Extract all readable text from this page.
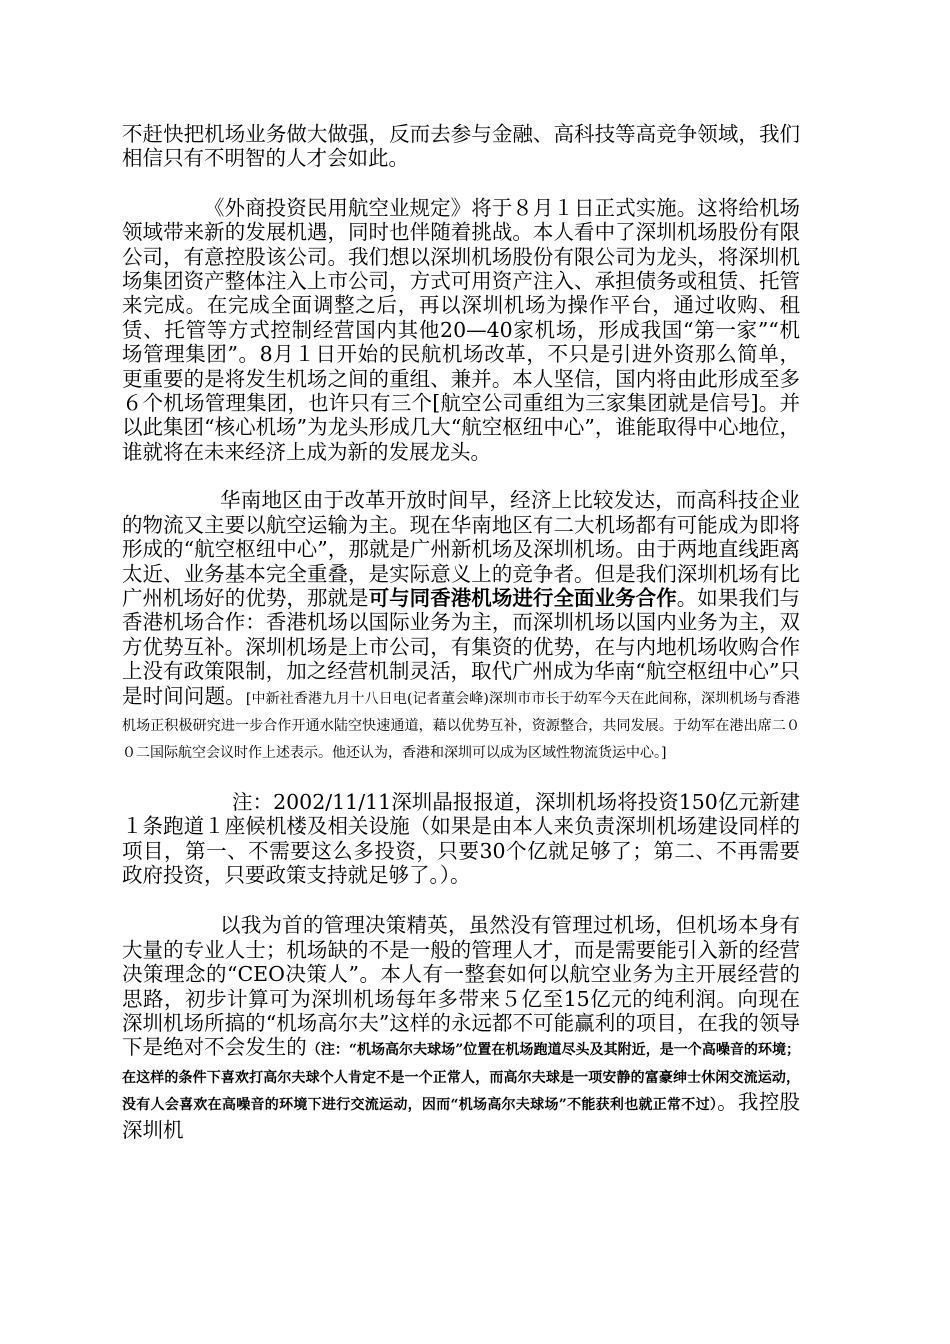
不赶快把机场业务做大做强，反而去参与金融、高科技等高竞争领域，我们相信只有不明智的人才会如此。

《外商投资民用航空业规定》将于８月１日正式实施。这将给机场领域带来新的发展机遇，同时也伴随着挑战。本人看中了深圳机场股份有限公司，有意控股该公司。我们想以深圳机场股份有限公司为龙头，将深圳机场集团资产整体注入上市公司，方式可用资产注入、承担债务或租赁、托管来完成。在完成全面调整之后，再以深圳机场为操作平台，通过收购、租赁、托管等方式控制经营国内其他20—40家机场，形成我国“第一家”“机场管理集团”。8月１日开始的民航机场改革，不只是引进外资那么简单，更重要的是将发生机场之间的重组、兼并。本人坚信，国内将由此形成至多６个机场管理集团，也许只有三个[航空公司重组为三家集团就是信号]。并以此集团“核心机场”为龙头形成几大“航空枢纽中心”，谁能取得中心地位，谁就将在未来经济上成为新的发展龙头。

华南地区由于改革开放时间早，经济上比较发达，而高科技企业的物流又主要以航空运输为主。现在华南地区有二大机场都有可能成为即将形成的“航空枢纽中心”，那就是广州新机场及深圳机场。由于两地直线距离太近、业务基本完全重叠，是实际意义上的竞争者。但是我们深圳机场有比广州机场好的优势，那就是可与同香港机场进行全面业务合作。如果我们与香港机场合作：香港机场以国际业务为主，而深圳机场以国内业务为主，双方优势互补。深圳机场是上市公司，有集资的优势，在与内地机场收购合作上没有政策限制，加之经营机制灵活，取代广州成为华南“航空枢纽中心”只是时间问题。[中新社香港九月十八日电(记者董会峰)深圳市市长于幼军今天在此间称，深圳机场与香港机场正积极研究进一步合作开通水陆空快速通道，藉以优势互补，资源整合，共同发展。于幼军在港出席二００二国际航空会议时作上述表示。他还认为，香港和深圳可以成为区域性物流货运中心。]

注：2002/11/11深圳晶报报道，深圳机场将投资150亿元新建１条跑道１座候机楼及相关设施（如果是由本人来负责深圳机场建设同样的项目，第一、不需要这么多投资，只要30个亿就足够了；第二、不再需要政府投资，只要政策支持就足够了。）。

以我为首的管理决策精英，虽然没有管理过机场，但机场本身有大量的专业人士；机场缺的不是一般的管理人才，而是需要能引入新的经营决策理念的“CEO决策人”。本人有一整套如何以航空业务为主开展经营的思路，初步计算可为深圳机场每年多带来５亿至15亿元的纯利润。向现在深圳机场所搞的“机场高尔夫”这样的永远都不可能赢利的项目，在我的领导下是绝对不会发生的（注：“机场高尔夫球场”位置在机场跑道尽头及其附近，是一个高噪音的环境；在这样的条件下喜欢打高尔夫球个人肯定不是一个正常人，而高尔夫球是一项安静的富豪绅士休闲交流运动，没有人会喜欢在高噪音的环境下进行交流运动，因而“机场高尔夫球场”不能获利也就正常不过）。我控股深圳机
